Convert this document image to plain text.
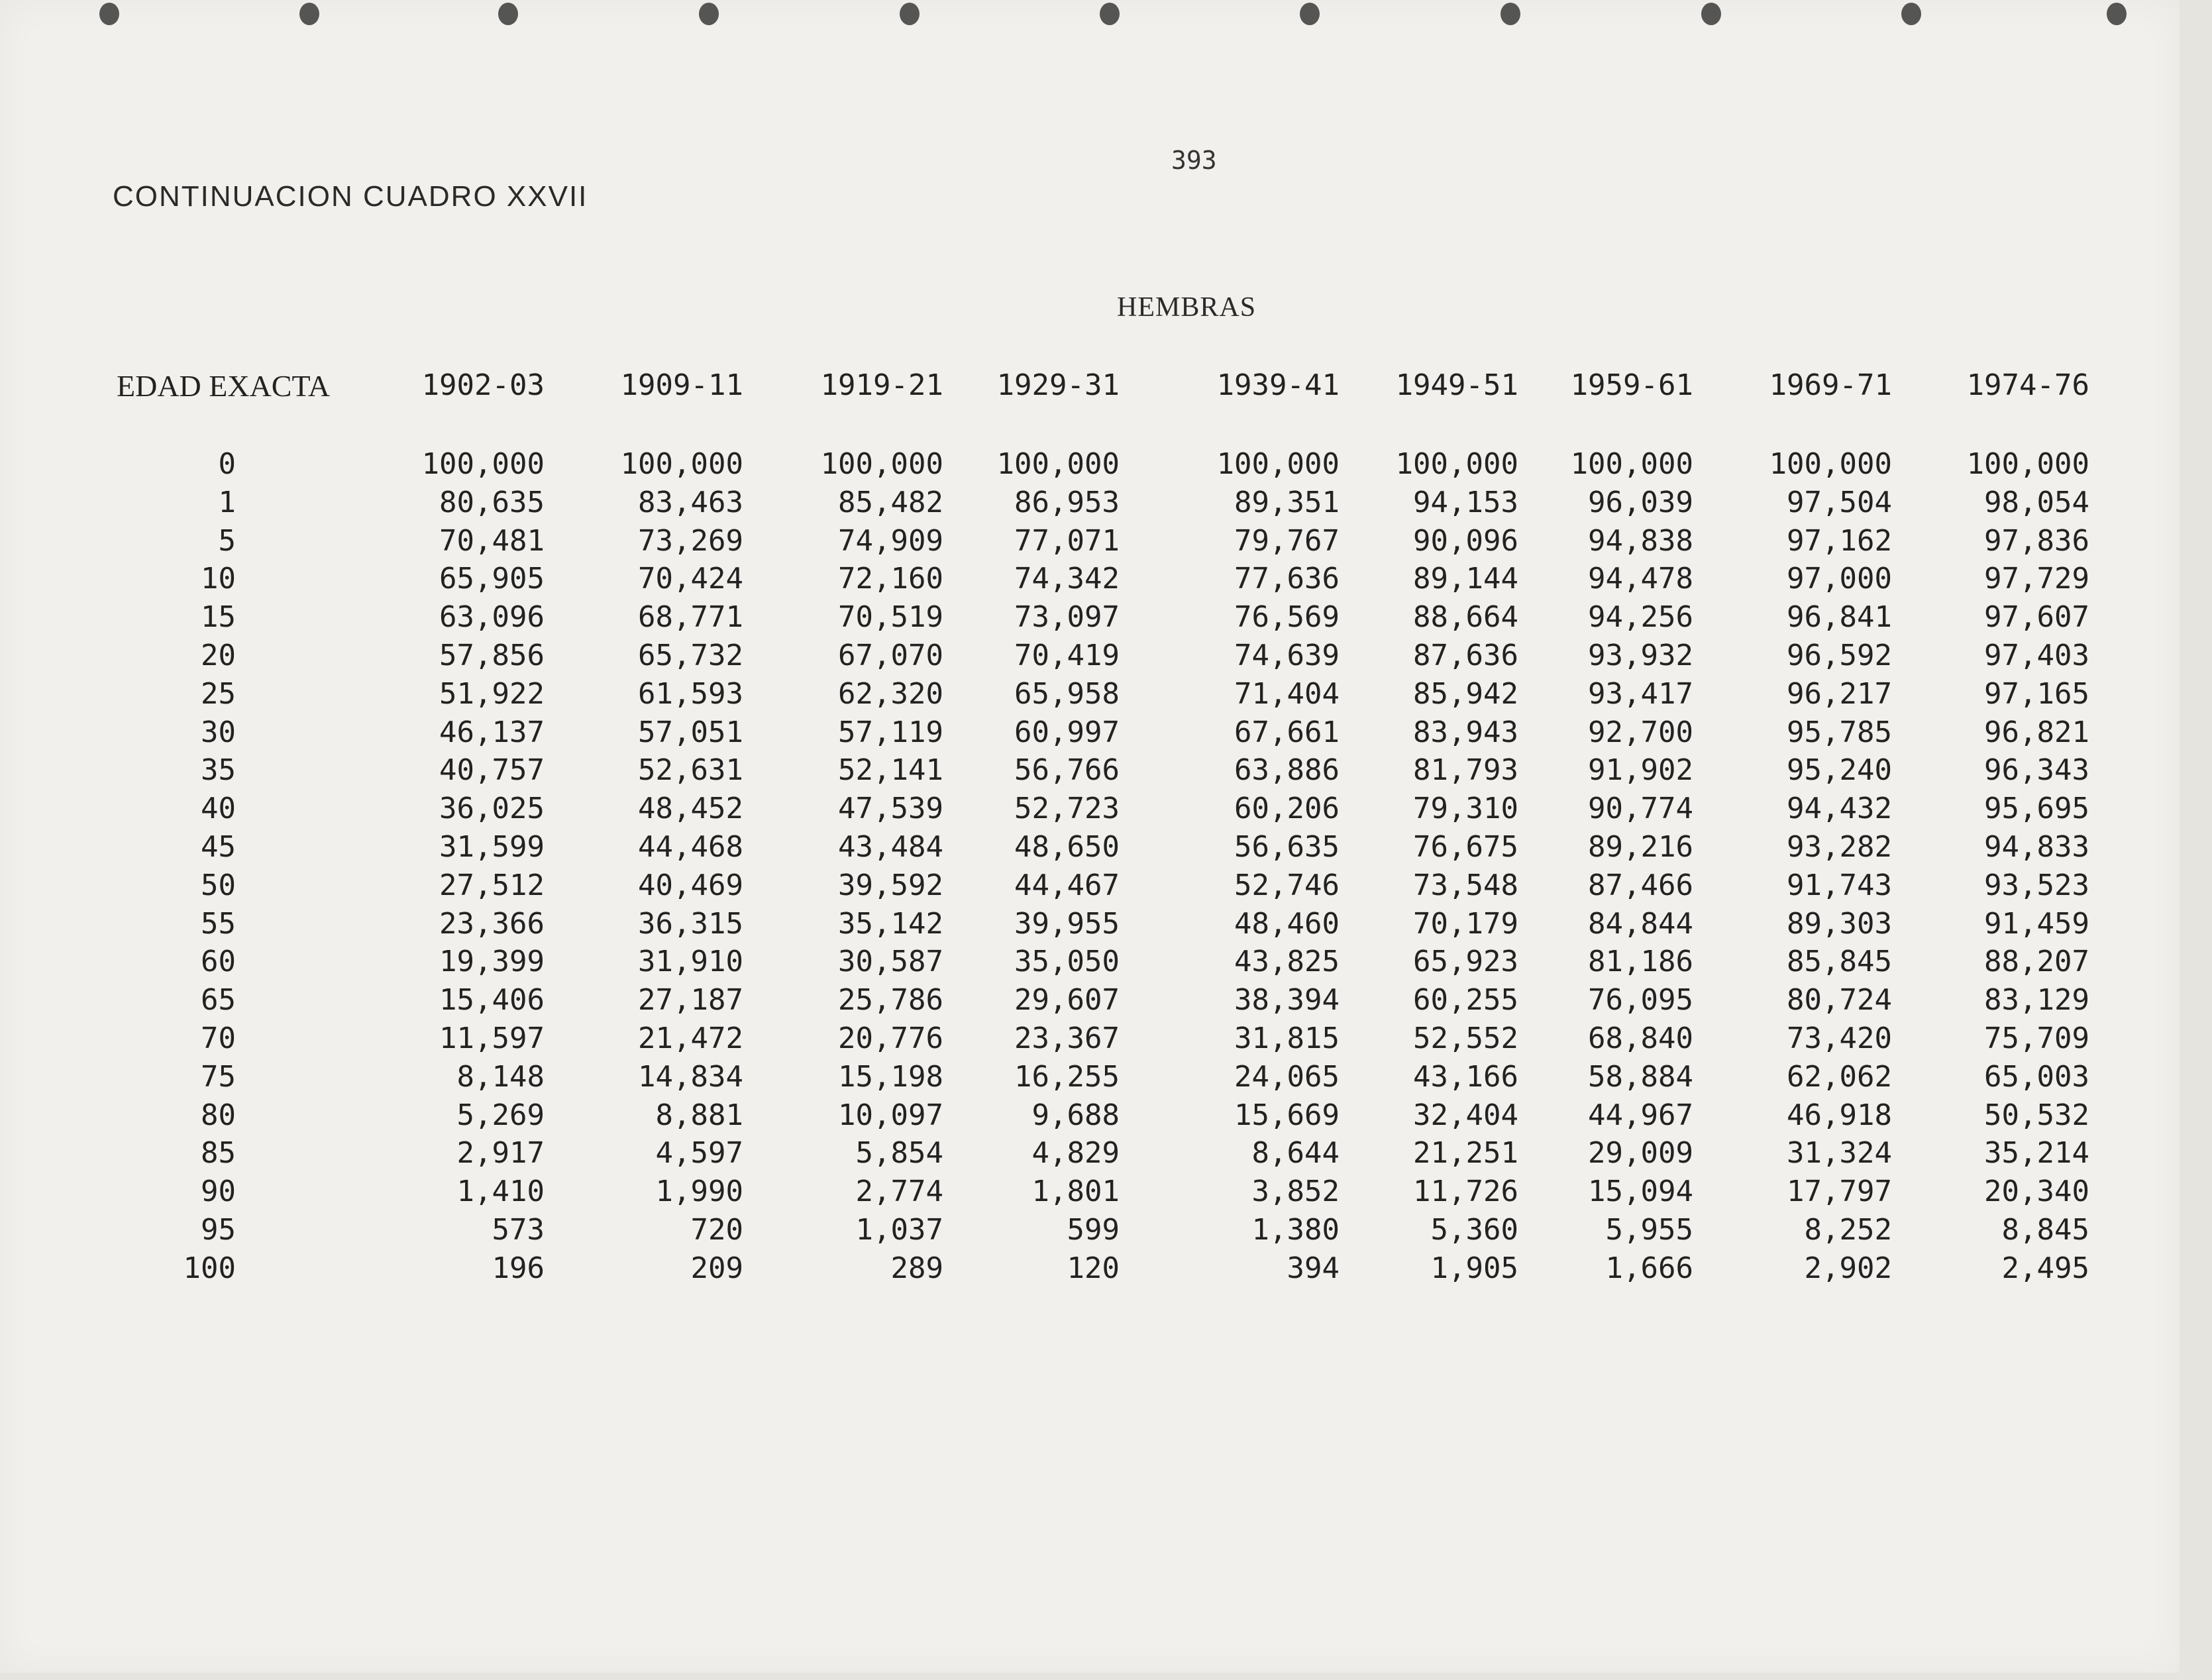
393
CONTINUACION CUADRO XXVII
HEMBRAS
EDAD EXACTA	1902-03	1909-11	1919-21	1929-31	1939-41	1949-51	1959-61	1969-71	1974-76
0	100,000	100,000	100,000	100,000	100,000	100,000	100,000	100,000	100,000
1	80,635	83,463	85,482	86,953	89,351	94,153	96,039	97,504	98,054
5	70,481	73,269	74,909	77,071	79,767	90,096	94,838	97,162	97,836
10	65,905	70,424	72,160	74,342	77,636	89,144	94,478	97,000	97,729
15	63,096	68,771	70,519	73,097	76,569	88,664	94,256	96,841	97,607
20	57,856	65,732	67,070	70,419	74,639	87,636	93,932	96,592	97,403
25	51,922	61,593	62,320	65,958	71,404	85,942	93,417	96,217	97,165
30	46,137	57,051	57,119	60,997	67,661	83,943	92,700	95,785	96,821
35	40,757	52,631	52,141	56,766	63,886	81,793	91,902	95,240	96,343
40	36,025	48,452	47,539	52,723	60,206	79,310	90,774	94,432	95,695
45	31,599	44,468	43,484	48,650	56,635	76,675	89,216	93,282	94,833
50	27,512	40,469	39,592	44,467	52,746	73,548	87,466	91,743	93,523
55	23,366	36,315	35,142	39,955	48,460	70,179	84,844	89,303	91,459
60	19,399	31,910	30,587	35,050	43,825	65,923	81,186	85,845	88,207
65	15,406	27,187	25,786	29,607	38,394	60,255	76,095	80,724	83,129
70	11,597	21,472	20,776	23,367	31,815	52,552	68,840	73,420	75,709
75	8,148	14,834	15,198	16,255	24,065	43,166	58,884	62,062	65,003
80	5,269	8,881	10,097	9,688	15,669	32,404	44,967	46,918	50,532
85	2,917	4,597	5,854	4,829	8,644	21,251	29,009	31,324	35,214
90	1,410	1,990	2,774	1,801	3,852	11,726	15,094	17,797	20,340
95	573	720	1,037	599	1,380	5,360	5,955	8,252	8,845
100	196	209	289	120	394	1,905	1,666	2,902	2,495
